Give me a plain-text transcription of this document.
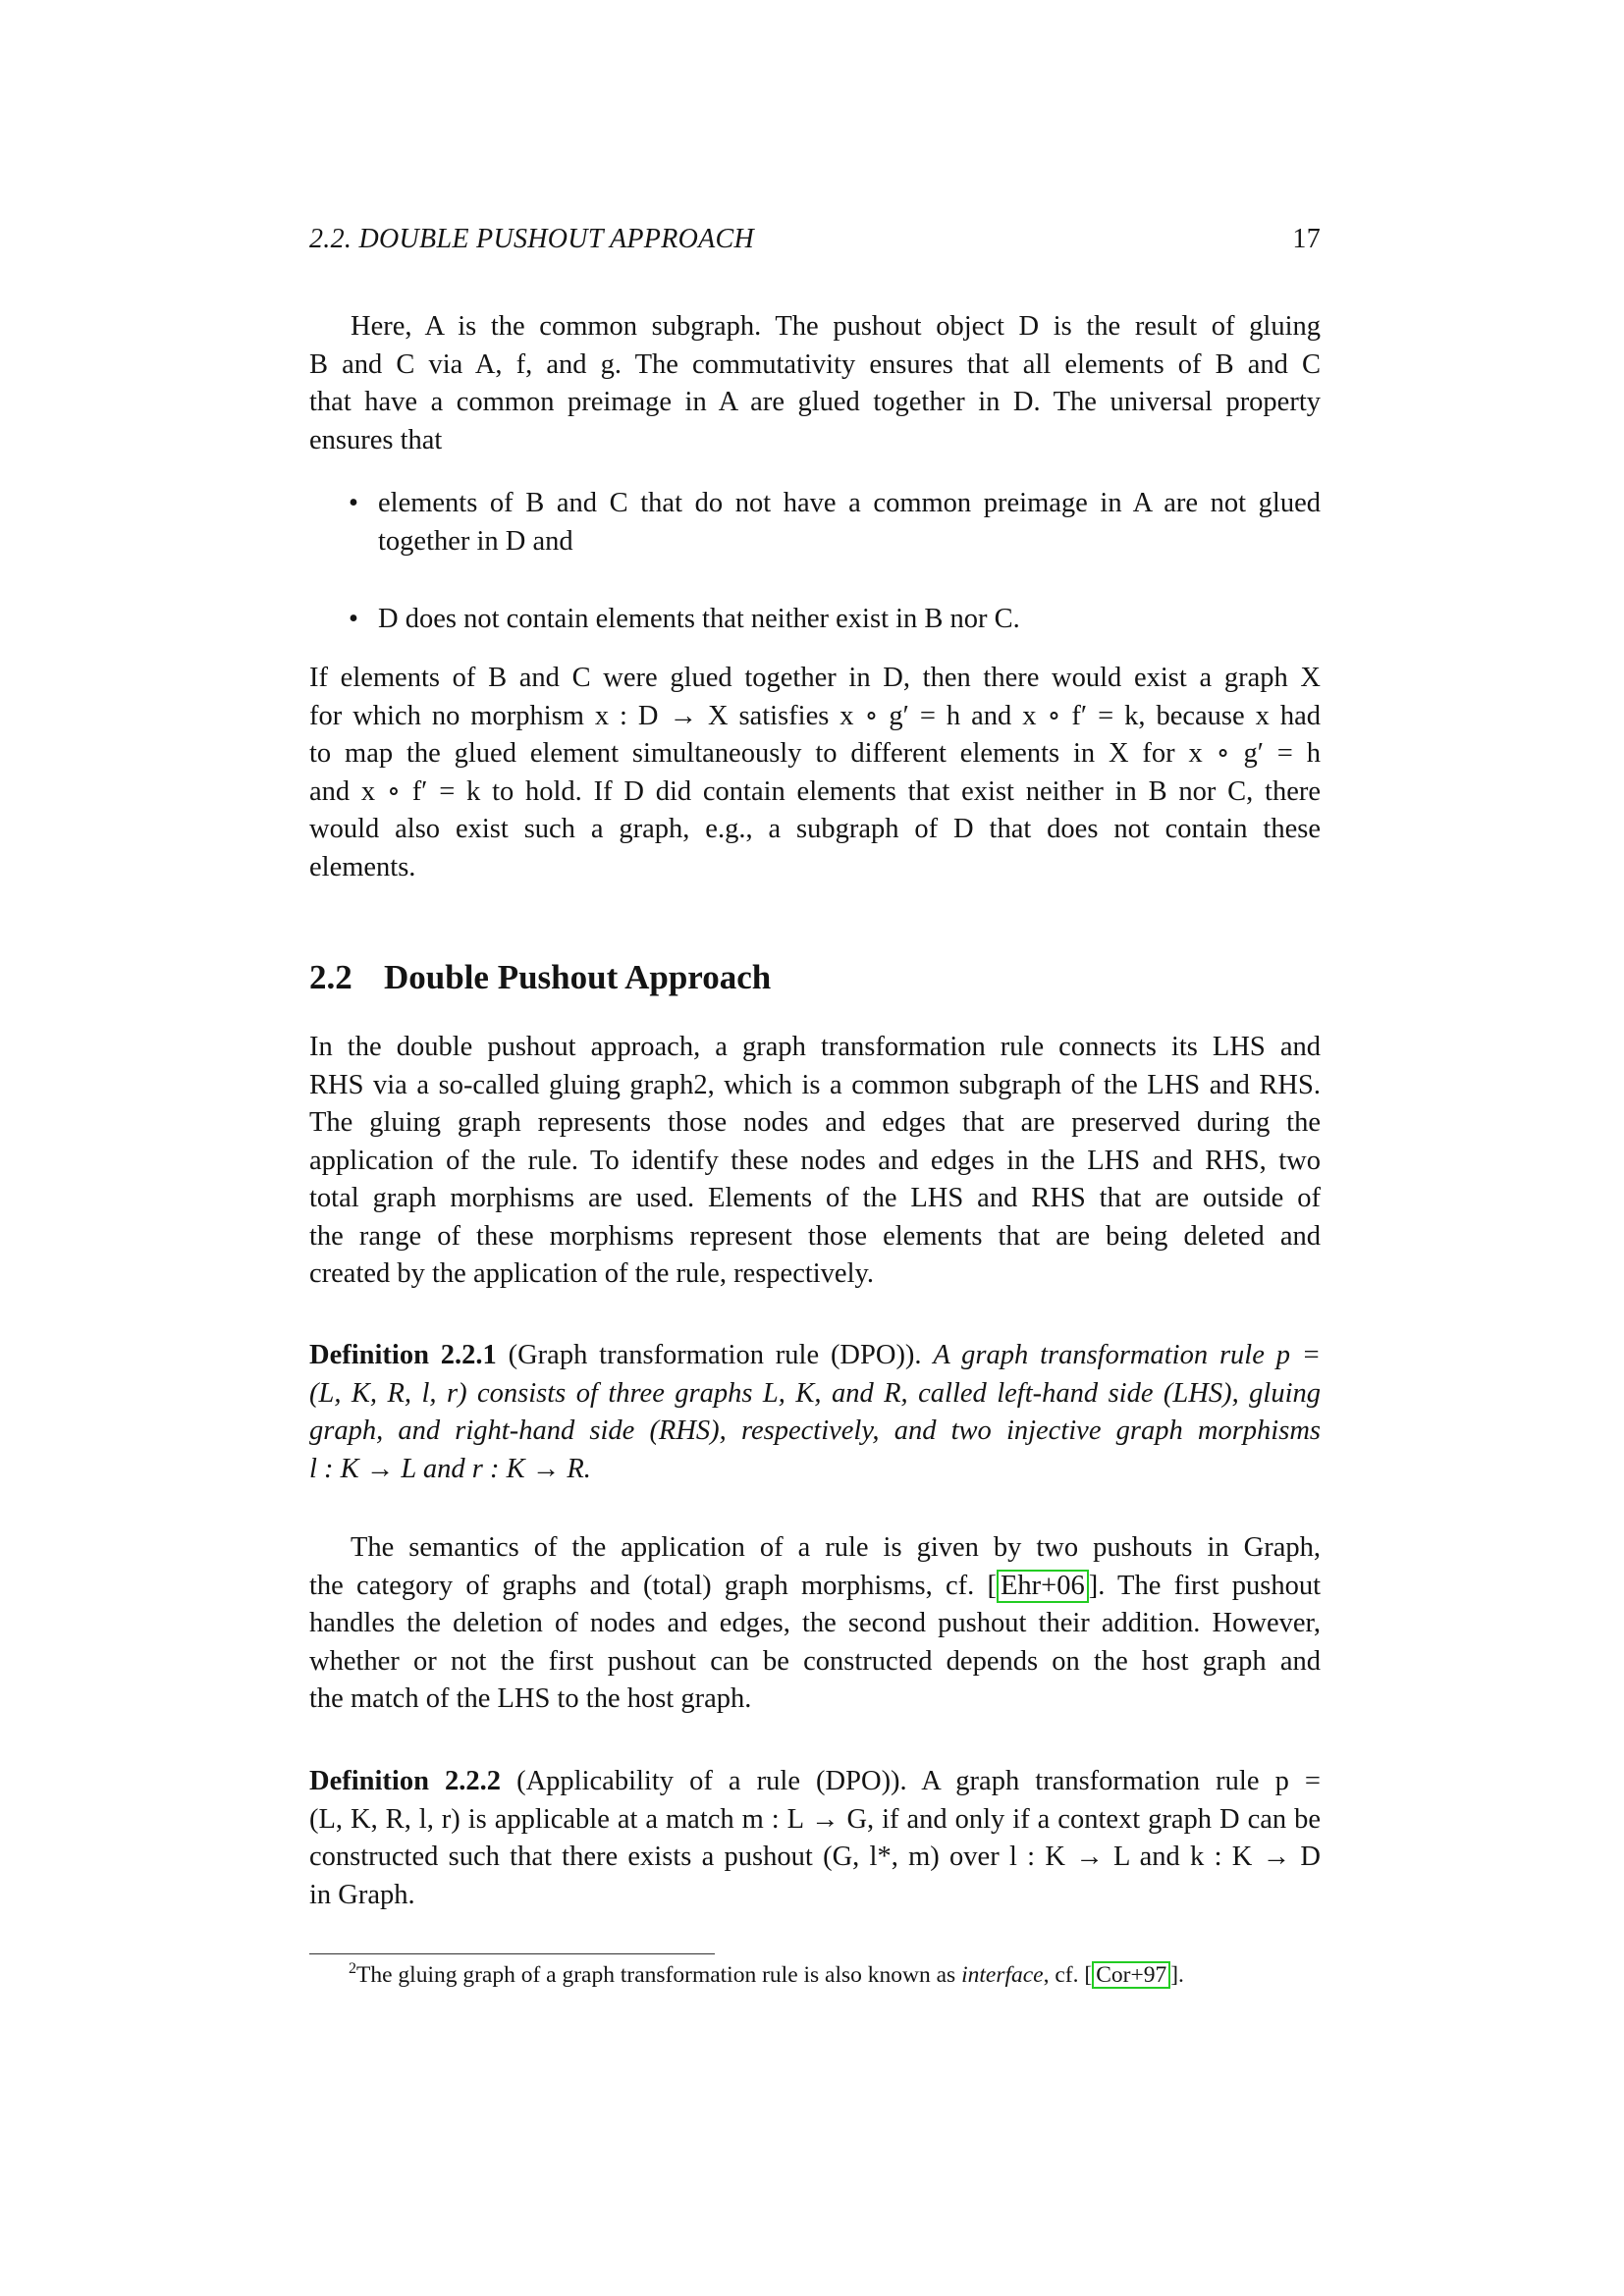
2.2. DOUBLE PUSHOUT APPROACH	17
Here, A is the common subgraph. The pushout object D is the result of gluing
B and C via A, f, and g. The commutativity ensures that all elements of B and C
that have a common preimage in A are glued together in D. The universal property
ensures that
• elements of B and C that do not have a common preimage in A are not glued
together in D and
• D does not contain elements that neither exist in B nor C.
If elements of B and C were glued together in D, then there would exist a graph X
for which no morphism x : D → X satisfies x ∘ g′ = h and x ∘ f′ = k, because x had
to map the glued element simultaneously to different elements in X for x ∘ g′ = h
and x ∘ f′ = k to hold. If D did contain elements that exist neither in B nor C, there
would also exist such a graph, e.g., a subgraph of D that does not contain these
elements.
2.2 Double Pushout Approach
In the double pushout approach, a graph transformation rule connects its LHS and
RHS via a so-called gluing graph2, which is a common subgraph of the LHS and RHS.
The gluing graph represents those nodes and edges that are preserved during the
application of the rule. To identify these nodes and edges in the LHS and RHS, two
total graph morphisms are used. Elements of the LHS and RHS that are outside of
the range of these morphisms represent those elements that are being deleted and
created by the application of the rule, respectively.
Definition 2.2.1 (Graph transformation rule (DPO)). A graph transformation rule p =
(L, K, R, l, r) consists of three graphs L, K, and R, called left-hand side (LHS), gluing
graph, and right-hand side (RHS), respectively, and two injective graph morphisms
l : K → L and r : K → R.
The semantics of the application of a rule is given by two pushouts in Graph,
the category of graphs and (total) graph morphisms, cf. [ Ehr+06 ]. The first pushout
handles the deletion of nodes and edges, the second pushout their addition. However,
whether or not the first pushout can be constructed depends on the host graph and
the match of the LHS to the host graph.
Definition 2.2.2 (Applicability of a rule (DPO)). A graph transformation rule p =
(L, K, R, l, r) is applicable at a match m : L → G, if and only if a context graph D can be
constructed such that there exists a pushout (G, l*, m) over l : K → L and k : K → D
in Graph.
$^2$The gluing graph of a graph transformation rule is also known as interface, cf. [ Cor+97 ].
